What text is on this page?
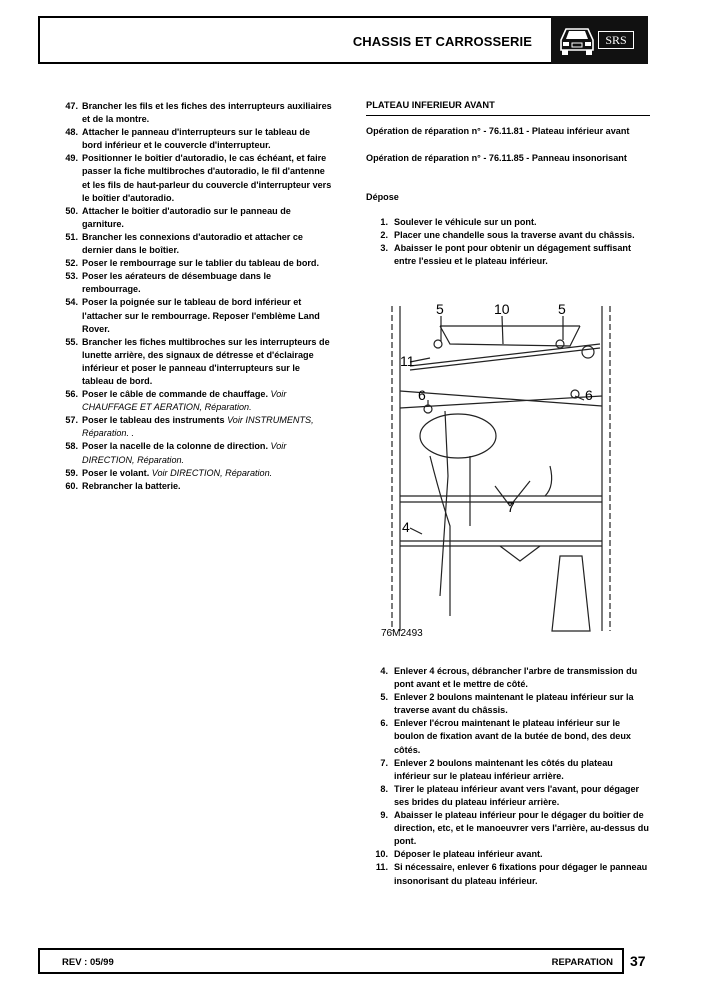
CHASSIS ET CARROSSERIE	SRS
47. Brancher les fils et les fiches des interrupteurs auxiliaires et de la montre.
48. Attacher le panneau d'interrupteurs sur le tableau de bord inférieur et le couvercle d'interrupteur.
49. Positionner le boîtier d'autoradio, le cas échéant, et faire passer la fiche multibroches d'autoradio, le fil d'antenne et les fils de haut-parleur du couvercle d'interrupteur vers le boîtier d'autoradio.
50. Attacher le boîtier d'autoradio sur le panneau de garniture.
51. Brancher les connexions d'autoradio et attacher ce dernier dans le boîtier.
52. Poser le rembourrage sur le tablier du tableau de bord.
53. Poser les aérateurs de désembuage dans le rembourrage.
54. Poser la poignée sur le tableau de bord inférieur et l'attacher sur le rembourrage. Reposer l'emblème Land Rover.
55. Brancher les fiches multibroches sur les interrupteurs de lunette arrière, des signaux de détresse et d'éclairage inférieur et poser le panneau d'interrupteurs sur le tableau de bord.
56. Poser le câble de commande de chauffage. Voir CHAUFFAGE ET AERATION, Réparation.
57. Poser le tableau des instruments Voir INSTRUMENTS, Réparation. .
58. Poser la nacelle de la colonne de direction. Voir DIRECTION, Réparation.
59. Poser le volant. Voir DIRECTION, Réparation.
60. Rebrancher la batterie.
PLATEAU INFERIEUR AVANT
Opération de réparation n° - 76.11.81 - Plateau inférieur avant
Opération de réparation n° - 76.11.85 - Panneau insonorisant
Dépose
1. Soulever le véhicule sur un pont.
2. Placer une chandelle sous la traverse avant du châssis.
3. Abaisser le pont pour obtenir un dégagement suffisant entre l'essieu et le plateau inférieur.
5	10	5
11
6	6
7
4
76M2493
4. Enlever 4 écrous, débrancher l'arbre de transmission du pont avant et le mettre de côté.
5. Enlever 2 boulons maintenant le plateau inférieur sur la traverse avant du châssis.
6. Enlever l'écrou maintenant le plateau inférieur sur le boulon de fixation avant de la butée de bond, des deux côtés.
7. Enlever 2 boulons maintenant les côtés du plateau inférieur sur le plateau inférieur arrière.
8. Tirer le plateau inférieur avant vers l'avant, pour dégager ses brides du plateau inférieur arrière.
9. Abaisser le plateau inférieur pour le dégager du boîtier de direction, etc, et le manoeuvrer vers l'arrière, au-dessus du pont.
10. Déposer le plateau inférieur avant.
11. Si nécessaire, enlever 6 fixations pour dégager le panneau insonorisant du plateau inférieur.
REV : 05/99	REPARATION 37
